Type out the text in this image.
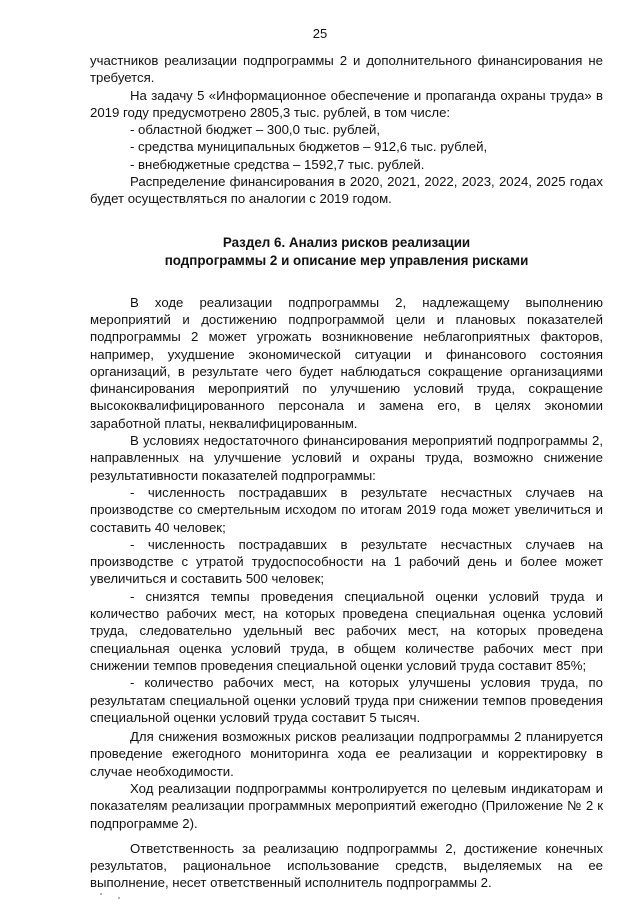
25

участников реализации подпрограммы 2 и дополнительного финансирования не требуется.

На задачу 5 «Информационное обеспечение и пропаганда охраны труда» в 2019 году предусмотрено 2805,3 тыс. рублей, в том числе:

- областной бюджет – 300,0 тыс. рублей,

- средства муниципальных бюджетов – 912,6 тыс. рублей,

- внебюджетные средства – 1592,7 тыс. рублей.

Распределение финансирования в 2020, 2021, 2022, 2023, 2024, 2025 годах будет осуществляться по аналогии с 2019 годом.

Раздел 6. Анализ рисков реализации
подпрограммы 2 и описание мер управления рисками

В ходе реализации подпрограммы 2, надлежащему выполнению мероприятий и достижению подпрограммой цели и плановых показателей подпрограммы 2 может угрожать возникновение неблагоприятных факторов, например, ухудшение экономической ситуации и финансового состояния организаций, в результате чего будет наблюдаться сокращение организациями финансирования мероприятий по улучшению условий труда, сокращение высококвалифицированного персонала и замена его, в целях экономии заработной платы, неквалифицированным.

В условиях недостаточного финансирования мероприятий подпрограммы 2, направленных на улучшение условий и охраны труда, возможно снижение результативности показателей подпрограммы:

- численность пострадавших в результате несчастных случаев на производстве со смертельным исходом по итогам 2019 года может увеличиться и составить 40 человек;

- численность пострадавших в результате несчастных случаев на производстве с утратой трудоспособности на 1 рабочий день и более может увеличиться и составить 500 человек;

- снизятся темпы проведения специальной оценки условий труда и количество рабочих мест, на которых проведена специальная оценка условий труда, следовательно удельный вес рабочих мест, на которых проведена специальная оценка условий труда, в общем количестве рабочих мест при снижении темпов проведения специальной оценки условий труда составит 85%;

- количество рабочих мест, на которых улучшены условия труда, по результатам специальной оценки условий труда при снижении темпов проведения специальной оценки условий труда составит 5 тысяч.

Для снижения возможных рисков реализации подпрограммы 2 планируется проведение ежегодного мониторинга хода ее реализации и корректировку в случае необходимости.

Ход реализации подпрограммы контролируется по целевым индикаторам и показателям реализации программных мероприятий ежегодно (Приложение № 2 к подпрограмме 2).

Ответственность за реализацию подпрограммы 2, достижение конечных результатов, рациональное использование средств, выделяемых на ее выполнение, несет ответственный исполнитель подпрограммы 2.
